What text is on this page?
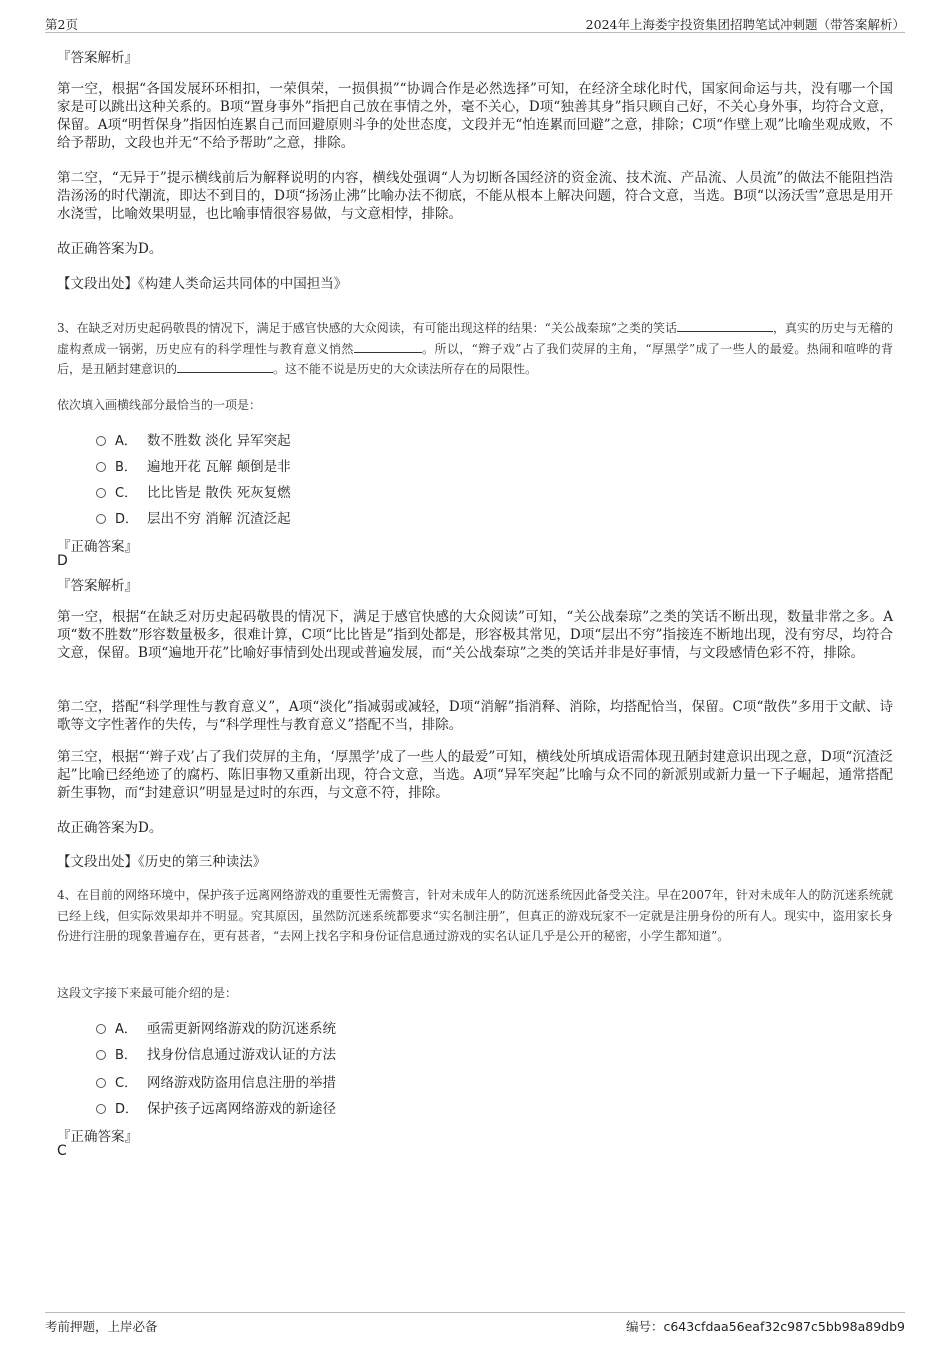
第2页	2024年上海娄宇投资集团招聘笔试冲刺题（带答案解析）
『答案解析』

第一空，根据“各国发展环环相扣，一荣俱荣，一损俱损”“协调合作是必然选择”可知，在经济全球化时代，国家间命运与共，没有哪一个国家是可以跳出这种关系的。B项“置身事外”指把自己放在事情之外，毫不关心，D项“独善其身”指只顾自己好，不关心身外事，均符合文意，保留。A项“明哲保身”指因怕连累自己而回避原则斗争的处世态度，文段并无“怕连累而回避”之意，排除；C项“作壁上观”比喻坐观成败，不给予帮助，文段也并无“不给予帮助”之意，排除。

第二空，“无异于”提示横线前后为解释说明的内容，横线处强调“人为切断各国经济的资金流、技术流、产品流、人员流”的做法不能阻挡浩浩汤汤的时代潮流，即达不到目的，D项“扬汤止沸”比喻办法不彻底，不能从根本上解决问题，符合文意，当选。B项“以汤沃雪”意思是用开水浇雪，比喻效果明显，也比喻事情很容易做，与文意相悖，排除。

故正确答案为D。

【文段出处】《构建人类命运共同体的中国担当》

3、在缺乏对历史起码敬畏的情况下，满足于感官快感的大众阅读，有可能出现这样的结果：“关公战秦琼”之类的笑话	，真实的历史与无稽的虚构煮成一锅粥，历史应有的科学理性与教育意义悄然	。所以，“辫子戏”占了我们荧屏的主角，“厚黑学”成了一些人的最爱。热闹和喧哗的背后，是丑陋封建意识的	。这不能不说是历史的大众读法所存在的局限性。

依次填入画横线部分最恰当的一项是：
A． 数不胜数 淡化 异军突起
B． 遍地开花 瓦解 颠倒是非
C． 比比皆是 散佚 死灰复燃
D． 层出不穷 消解 沉渣泛起
『正确答案』
D
『答案解析』

第一空，根据“在缺乏对历史起码敬畏的情况下，满足于感官快感的大众阅读”可知，“关公战秦琼”之类的笑话不断出现，数量非常之多。A项“数不胜数”形容数量极多，很难计算，C项“比比皆是”指到处都是，形容极其常见，D项“层出不穷”指接连不断地出现，没有穷尽，均符合文意，保留。B项“遍地开花”比喻好事情到处出现或普遍发展，而“关公战秦琼”之类的笑话并非是好事情，与文段感情色彩不符，排除。

第二空，搭配“科学理性与教育意义”，A项“淡化”指减弱或减轻，D项“消解”指消释、消除，均搭配恰当，保留。C项“散佚”多用于文献、诗歌等文字性著作的失传，与“科学理性与教育意义”搭配不当，排除。

第三空，根据“‘辫子戏’占了我们荧屏的主角，‘厚黑学’成了一些人的最爱”可知，横线处所填成语需体现丑陋封建意识出现之意，D项“沉渣泛起”比喻已经绝迹了的腐朽、陈旧事物又重新出现，符合文意，当选。A项“异军突起”比喻与众不同的新派别或新力量一下子崛起，通常搭配新生事物，而“封建意识”明显是过时的东西，与文意不符，排除。

故正确答案为D。

【文段出处】《历史的第三种读法》

4、在目前的网络环境中，保护孩子远离网络游戏的重要性无需赘言，针对未成年人的防沉迷系统因此备受关注。早在2007年，针对未成年人的防沉迷系统就已经上线，但实际效果却并不明显。究其原因，虽然防沉迷系统都要求“实名制注册”，但真正的游戏玩家不一定就是注册身份的所有人。现实中，盗用家长身份进行注册的现象普遍存在，更有甚者，“去网上找名字和身份证信息通过游戏的实名认证几乎是公开的秘密，小学生都知道”。

这段文字接下来最可能介绍的是：
A． 亟需更新网络游戏的防沉迷系统
B． 找身份信息通过游戏认证的方法
C． 网络游戏防盗用信息注册的举措
D． 保护孩子远离网络游戏的新途径
『正确答案』
C
考前押题，上岸必备	编号：c643cfdaa56eaf32c987c5bb98a89db9
